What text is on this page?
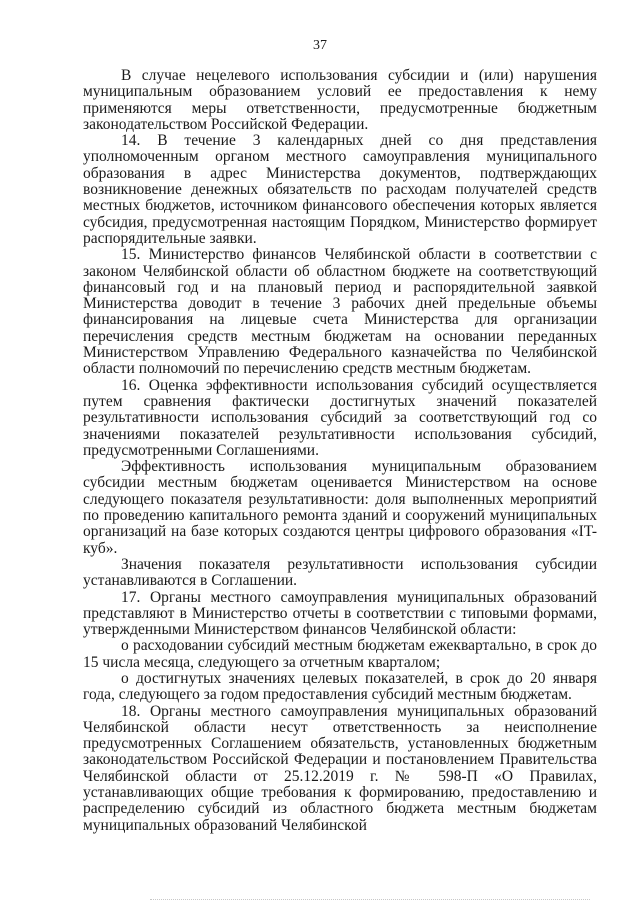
37

В случае нецелевого использования субсидии и (или) нарушения муниципальным образованием условий ее предоставления к нему применяются меры ответственности, предусмотренные бюджетным законодательством Российской Федерации.

14. В течение 3 календарных дней со дня представления уполномоченным органом местного самоуправления муниципального образования в адрес Министерства документов, подтверждающих возникновение денежных обязательств по расходам получателей средств местных бюджетов, источником финансового обеспечения которых является субсидия, предусмотренная настоящим Порядком, Министерство формирует распорядительные заявки.

15. Министерство финансов Челябинской области в соответствии с законом Челябинской области об областном бюджете на соответствующий финансовый год и на плановый период и распорядительной заявкой Министерства доводит в течение 3 рабочих дней предельные объемы финансирования на лицевые счета Министерства для организации перечисления средств местным бюджетам на основании переданных Министерством Управлению Федерального казначейства по Челябинской области полномочий по перечислению средств местным бюджетам.

16. Оценка эффективности использования субсидий осуществляется путем сравнения фактически достигнутых значений показателей результативности использования субсидий за соответствующий год со значениями показателей результативности использования субсидий, предусмотренными Соглашениями.

Эффективность использования муниципальным образованием субсидии местным бюджетам оценивается Министерством на основе следующего показателя результативности: доля выполненных мероприятий по проведению капитального ремонта зданий и сооружений муниципальных организаций на базе которых создаются центры цифрового образования «IT-куб».

Значения показателя результативности использования субсидии устанавливаются в Соглашении.

17. Органы местного самоуправления муниципальных образований представляют в Министерство отчеты в соответствии с типовыми формами, утвержденными Министерством финансов Челябинской области:

о расходовании субсидий местным бюджетам ежеквартально, в срок до 15 числа месяца, следующего за отчетным кварталом;

о достигнутых значениях целевых показателей, в срок до 20 января года, следующего за годом предоставления субсидий местным бюджетам.

18. Органы местного самоуправления муниципальных образований Челябинской области несут ответственность за неисполнение предусмотренных Соглашением обязательств, установленных бюджетным законодательством Российской Федерации и постановлением Правительства Челябинской области от 25.12.2019 г. № 598-П «О Правилах, устанавливающих общие требования к формированию, предоставлению и распределению субсидий из областного бюджета местным бюджетам муниципальных образований Челябинской
